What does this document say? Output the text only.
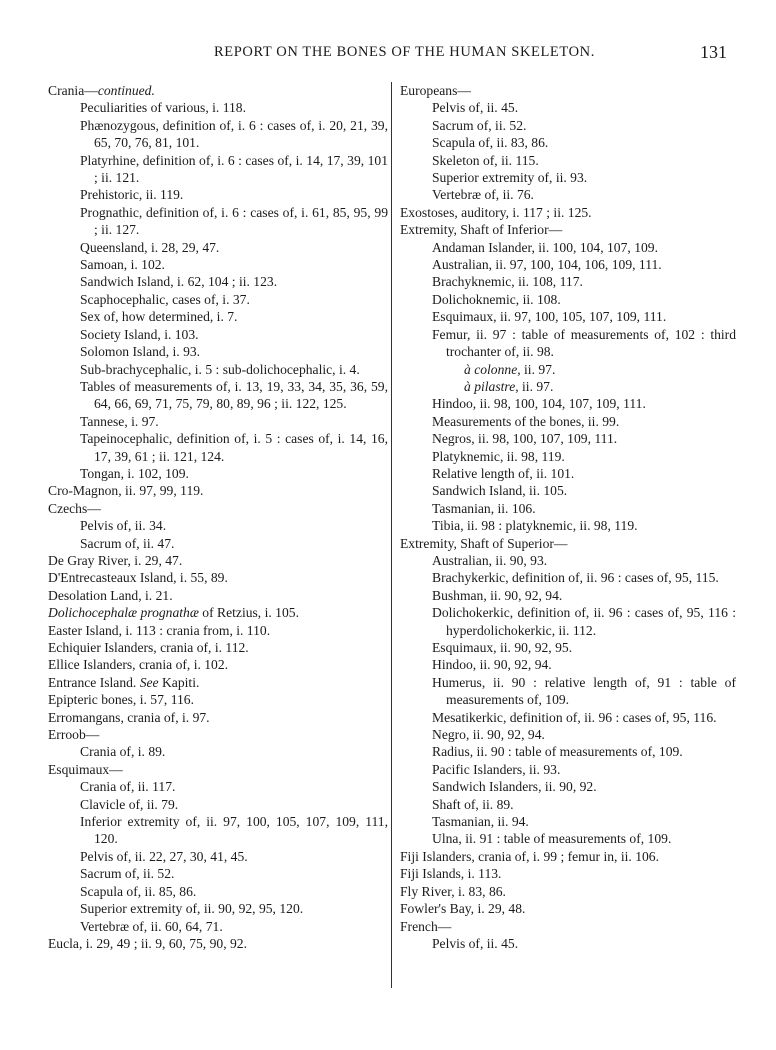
REPORT ON THE BONES OF THE HUMAN SKELETON.	131
Crania—continued.
Peculiarities of various, i. 118.
Phænozygous, definition of, i. 6 : cases of, i. 20, 21, 39, 65, 70, 76, 81, 101.
Platyrhine, definition of, i. 6 : cases of, i. 14, 17, 39, 101 ; ii. 121.
Prehistoric, ii. 119.
Prognathic, definition of, i. 6 : cases of, i. 61, 85, 95, 99 ; ii. 127.
Queensland, i. 28, 29, 47.
Samoan, i. 102.
Sandwich Island, i. 62, 104 ; ii. 123.
Scaphocephalic, cases of, i. 37.
Sex of, how determined, i. 7.
Society Island, i. 103.
Solomon Island, i. 93.
Sub-brachycephalic, i. 5 : sub-dolichocephalic, i. 4.
Tables of measurements of, i. 13, 19, 33, 34, 35, 36, 59, 64, 66, 69, 71, 75, 79, 80, 89, 96 ; ii. 122, 125.
Tannese, i. 97.
Tapeinocephalic, definition of, i. 5 : cases of, i. 14, 16, 17, 39, 61 ; ii. 121, 124.
Tongan, i. 102, 109.
Cro-Magnon, ii. 97, 99, 119.
Czechs—
Pelvis of, ii. 34.
Sacrum of, ii. 47.
De Gray River, i. 29, 47.
D'Entrecasteaux Island, i. 55, 89.
Desolation Land, i. 21.
Dolichocephalæ prognathæ of Retzius, i. 105.
Easter Island, i. 113 : crania from, i. 110.
Echiquier Islanders, crania of, i. 112.
Ellice Islanders, crania of, i. 102.
Entrance Island. See Kapiti.
Epipteric bones, i. 57, 116.
Erromangans, crania of, i. 97.
Erroob—
Crania of, i. 89.
Esquimaux—
Crania of, ii. 117.
Clavicle of, ii. 79.
Inferior extremity of, ii. 97, 100, 105, 107, 109, 111, 120.
Pelvis of, ii. 22, 27, 30, 41, 45.
Sacrum of, ii. 52.
Scapula of, ii. 85, 86.
Superior extremity of, ii. 90, 92, 95, 120.
Vertebræ of, ii. 60, 64, 71.
Eucla, i. 29, 49 ; ii. 9, 60, 75, 90, 92.
Europeans—
Pelvis of, ii. 45.
Sacrum of, ii. 52.
Scapula of, ii. 83, 86.
Skeleton of, ii. 115.
Superior extremity of, ii. 93.
Vertebræ of, ii. 76.
Exostoses, auditory, i. 117 ; ii. 125.
Extremity, Shaft of Inferior—
Andaman Islander, ii. 100, 104, 107, 109.
Australian, ii. 97, 100, 104, 106, 109, 111.
Brachyknemic, ii. 108, 117.
Dolichoknemic, ii. 108.
Esquimaux, ii. 97, 100, 105, 107, 109, 111.
Femur, ii. 97 : table of measurements of, 102 : third trochanter of, ii. 98.
à colonne, ii. 97.
à pilastre, ii. 97.
Hindoo, ii. 98, 100, 104, 107, 109, 111.
Measurements of the bones, ii. 99.
Negros, ii. 98, 100, 107, 109, 111.
Platyknemic, ii. 98, 119.
Relative length of, ii. 101.
Sandwich Island, ii. 105.
Tasmanian, ii. 106.
Tibia, ii. 98 : platyknemic, ii. 98, 119.
Extremity, Shaft of Superior—
Australian, ii. 90, 93.
Brachykerkic, definition of, ii. 96 : cases of, 95, 115.
Bushman, ii. 90, 92, 94.
Dolichokerkic, definition of, ii. 96 : cases of, 95, 116 : hyperdolichokerkic, ii. 112.
Esquimaux, ii. 90, 92, 95.
Hindoo, ii. 90, 92, 94.
Humerus, ii. 90 : relative length of, 91 : table of measurements of, 109.
Mesatikerkic, definition of, ii. 96 : cases of, 95, 116.
Negro, ii. 90, 92, 94.
Radius, ii. 90 : table of measurements of, 109.
Pacific Islanders, ii. 93.
Sandwich Islanders, ii. 90, 92.
Shaft of, ii. 89.
Tasmanian, ii. 94.
Ulna, ii. 91 : table of measurements of, 109.
Fiji Islanders, crania of, i. 99 ; femur in, ii. 106.
Fiji Islands, i. 113.
Fly River, i. 83, 86.
Fowler's Bay, i. 29, 48.
French—
Pelvis of, ii. 45.
